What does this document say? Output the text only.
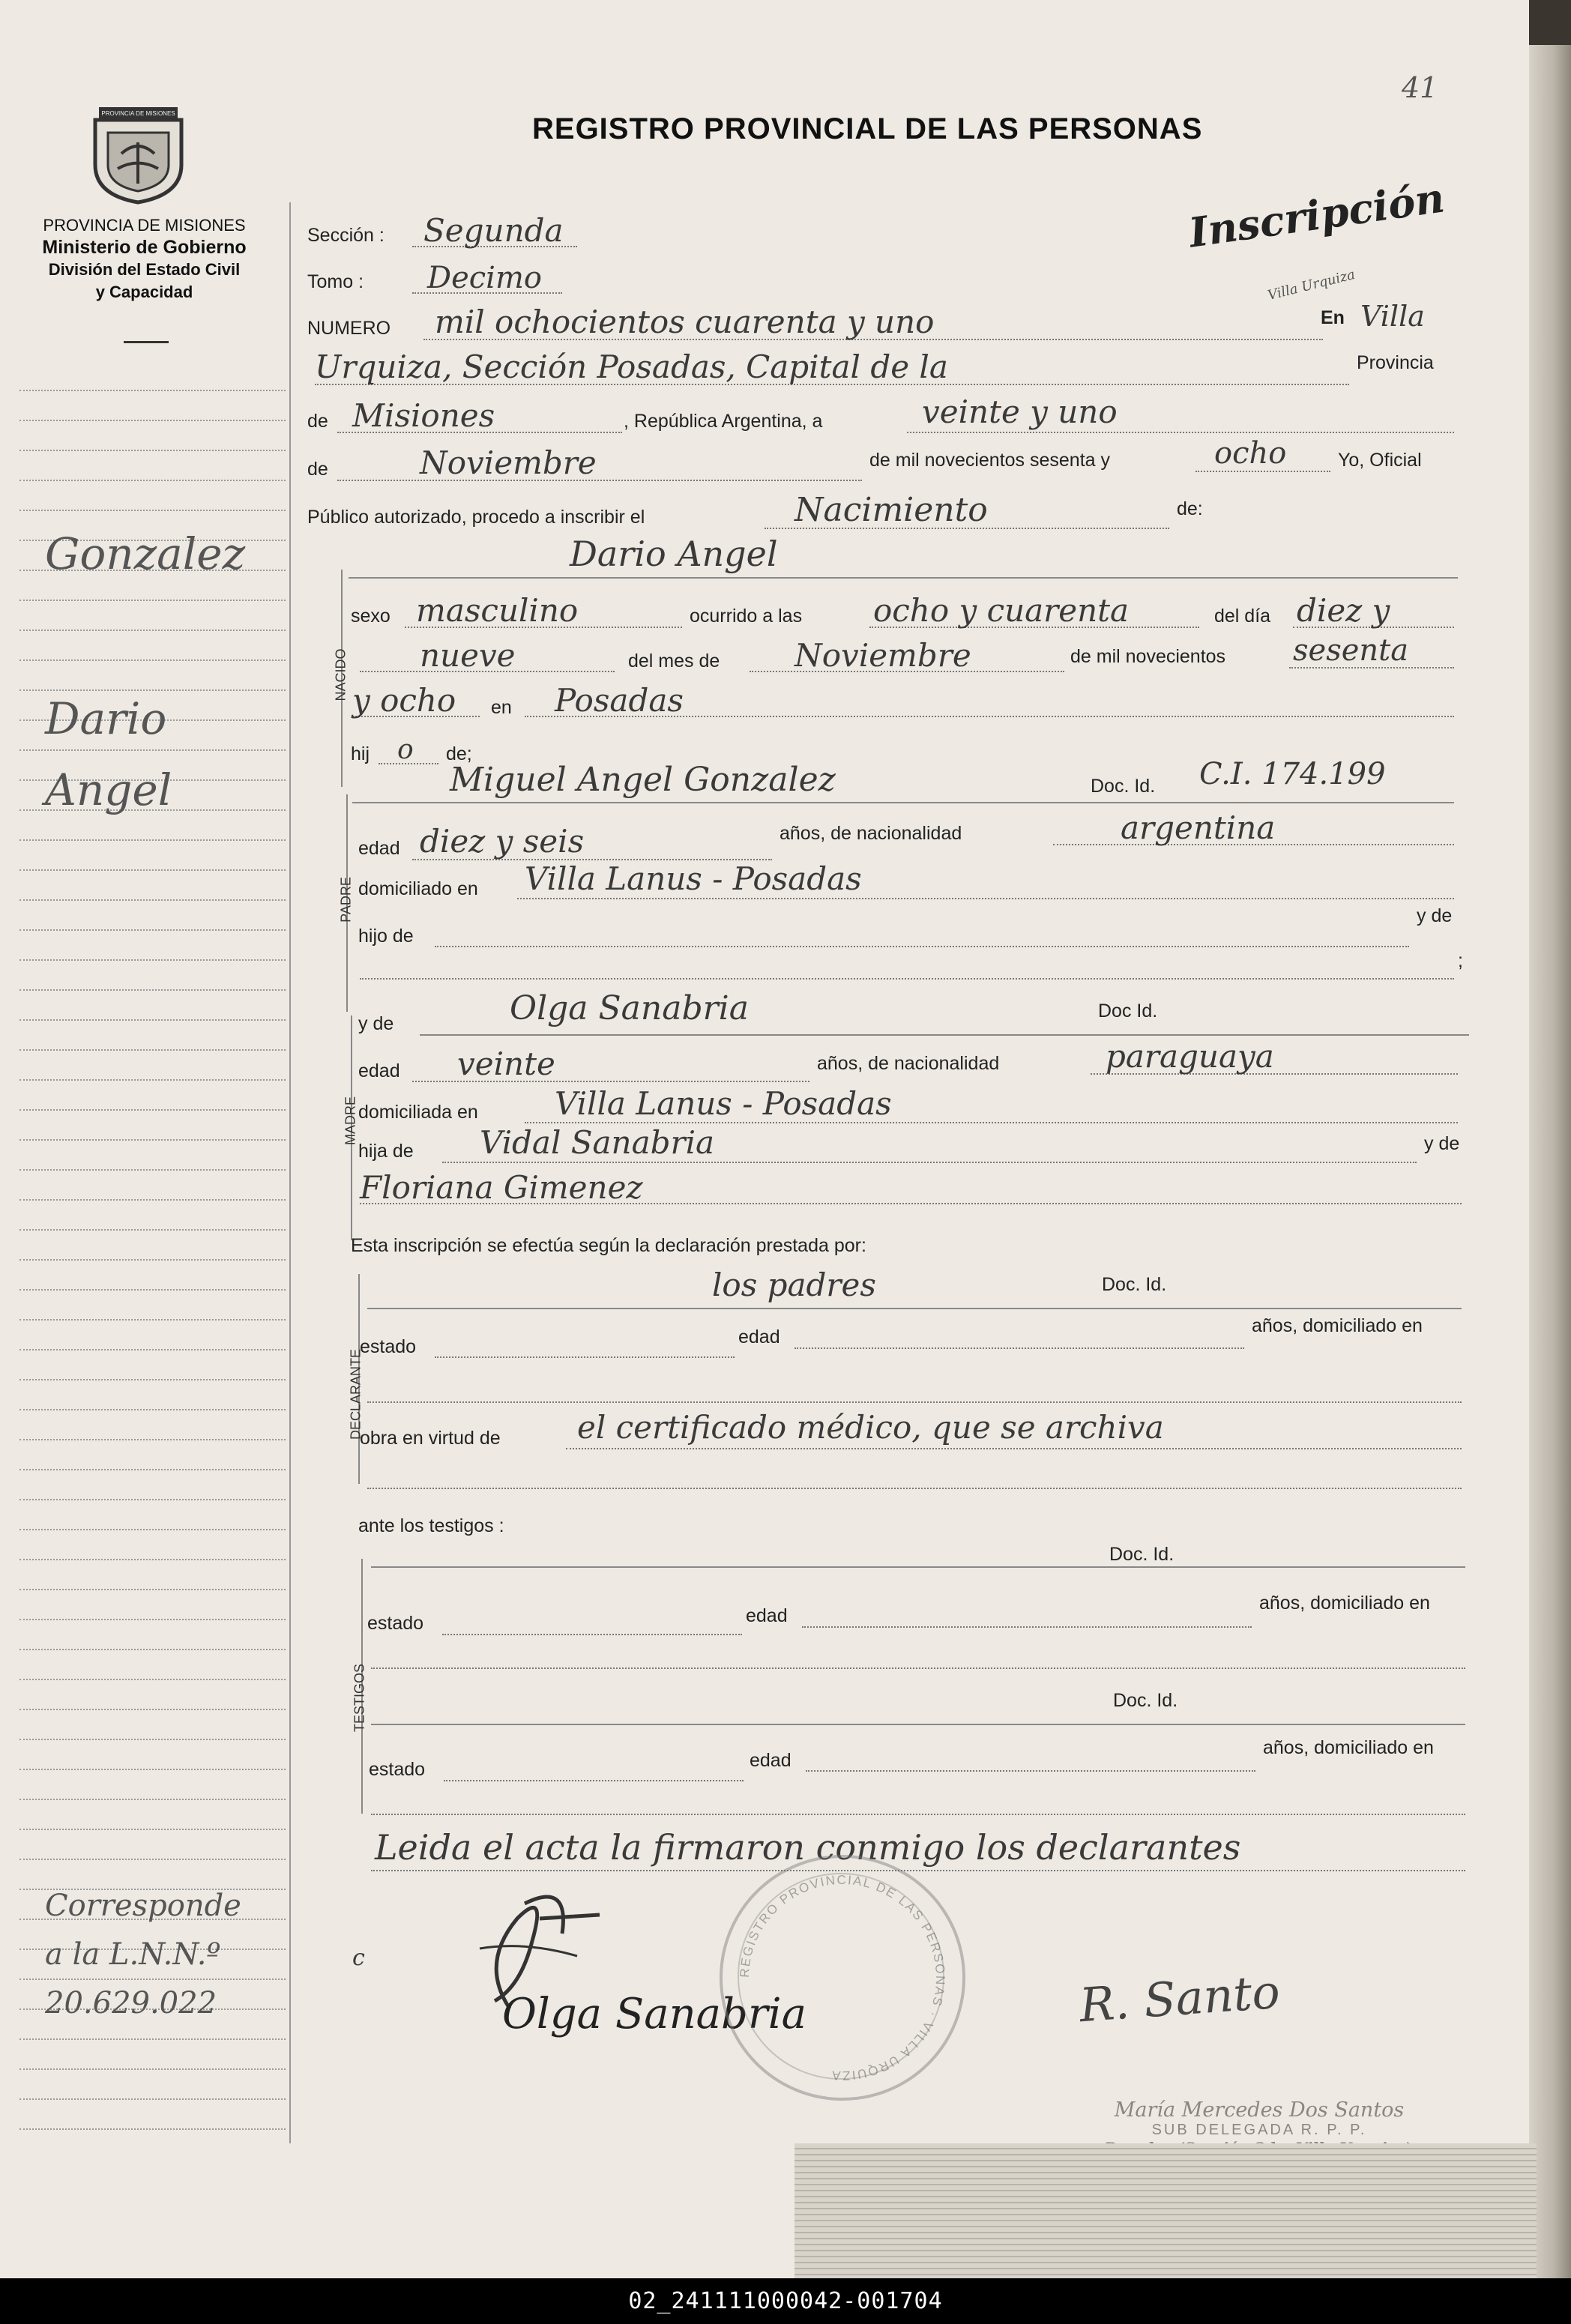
41
PROVINCIA DE MISIONES
PROVINCIA DE MISIONES
Ministerio de Gobierno
División del Estado Civil
y Capacidad
REGISTRO PROVINCIAL DE LAS PERSONAS
Inscripción
Villa Urquiza
Gonzalez
Dario
Angel
Corresponde
a la L.N.N.º
20.629.022
Sección : Segunda
Tomo : Decimo
NUMERO mil ochocientos cuarenta y uno	En Villa
Urquiza, Sección Posadas, Capital de la	Provincia
de Misiones	, República Argentina, a	veinte y uno
de	Noviembre	de mil novecientos sesenta y	ocho	Yo, Oficial
Público autorizado, procedo a inscribir el	Nacimiento	de:
NACIDO
Dario Angel
sexo masculino	ocurrido a las ocho y cuarenta	del día diez y
nueve	del mes de Noviembre	de mil novecientos sesenta
y ocho en Posadas
hij o de;
PADRE
Miguel Angel Gonzalez	Doc. Id. C.I. 174.199
edad diez y seis	años, de nacionalidad	argentina
domiciliado en Villa Lanus - Posadas
hijo de
y de
;
MADRE
y de	Olga Sanabria	Doc Id.
edad veinte	años, de nacionalidad	paraguaya
domiciliada en Villa Lanus - Posadas
hija de Vidal Sanabria	y de
Floriana Gimenez
Esta inscripción se efectúa según la declaración prestada por:
DECLARANTE
los padres	Doc. Id.
estado	edad
años, domiciliado en
obra en virtud de el certificado médico, que se archiva
ante los testigos :
TESTIGOS
Doc. Id.
estado	edad
años, domiciliado en
Doc. Id.
estado	edad
años, domiciliado en
Leida el acta la firmaron conmigo los declarantes
c
Olga Sanabria
REGISTRO PROVINCIAL DE LAS PERSONAS · VILLA URQUIZA
R. Santo
María Mercedes Dos Santos
SUB DELEGADA R. P. P.
02_241111000042-001704
